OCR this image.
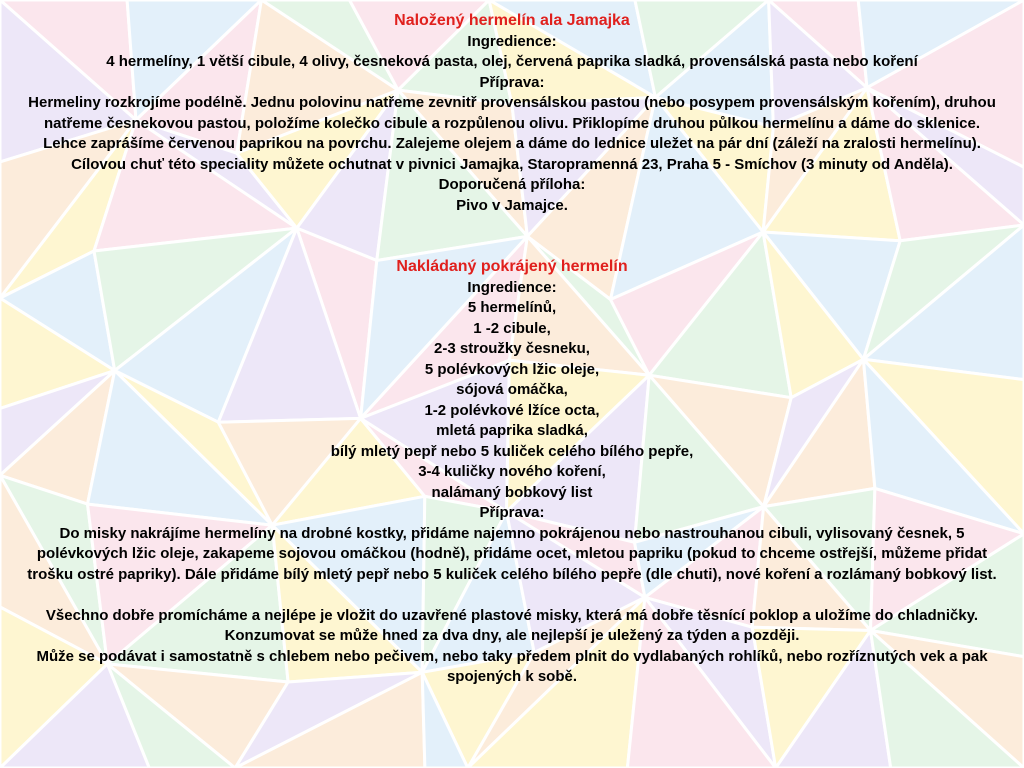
Naložený hermelín ala Jamajka
Ingredience:
4 hermelíny, 1 větší cibule, 4 olivy, česneková pasta, olej, červená paprika sladká, provensálská pasta nebo koření
Příprava:
Hermeliny rozkrojíme podélně. Jednu polovinu natřeme zevnitř provensálskou pastou (nebo posypem provensálským kořením), druhou natřeme česnekovou pastou, položíme kolečko cibule a rozpůlenou olivu. Přiklopíme druhou půlkou hermelínu a dáme do sklenice. Lehce zaprášíme červenou paprikou na povrchu. Zalejeme olejem a dáme do lednice uležet na pár dní (záleží na zralosti hermelínu). Cílovou chuť této speciality můžete ochutnat v pivnici Jamajka, Staropramenná 23, Praha 5 - Smíchov (3 minuty od Anděla).
Doporučená příloha:
Pivo v Jamajce.
Nakládaný pokrájený hermelín
Ingredience:
5 hermelínů,
1 -2 cibule,
2-3 stroužky česneku,
5 polévkových lžic oleje,
sójová omáčka,
1-2 polévkové lžíce octa,
mletá paprika sladká,
bílý mletý pepř nebo 5 kuliček celého bílého pepře,
3-4 kuličky nového koření,
nalámaný bobkový list
Příprava:
Do misky nakrájíme hermelíny na drobné kostky, přidáme najemno pokrájenou nebo nastrouhanou cibuli, vylisovaný česnek, 5 polévkových lžic oleje, zakapeme sojovou omáčkou (hodně), přidáme ocet, mletou papriku (pokud to chceme ostřejší, můžeme přidat trošku ostré papriky). Dále přidáme bílý mletý pepř nebo 5 kuliček celého bílého pepře (dle chuti), nové koření a rozlámaný bobkový list.
Všechno dobře promícháme a nejlépe je vložit do uzavřené plastové misky, která má dobře těsnící poklop a uložíme do chladničky.
Konzumovat se může hned za dva dny, ale nejlepší je uležený za týden a později.
Může se podávat i samostatně s chlebem nebo pečivem, nebo taky předem plnit do vydlabaných rohlíků, nebo rozříznutých vek a pak spojených k sobě.
